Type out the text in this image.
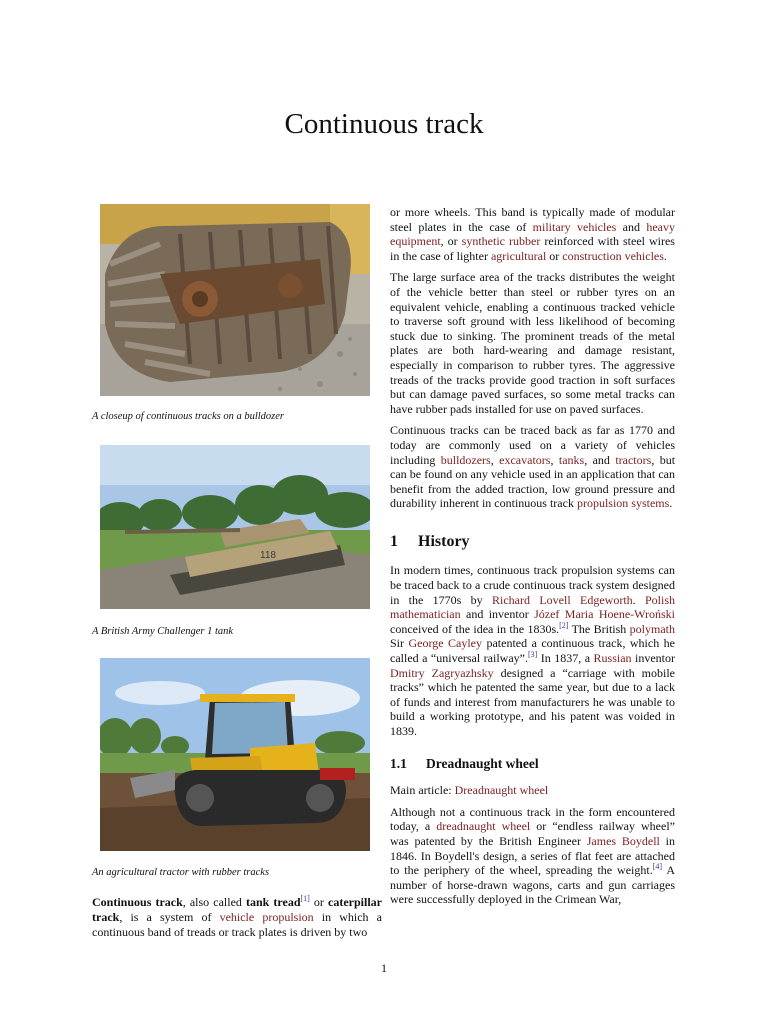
Continuous track
A closeup of continuous tracks on a bulldozer
118
A British Army Challenger 1 tank
An agricultural tractor with rubber tracks

Continuous track, also called tank tread[1] or caterpillar track, is a system of vehicle propulsion in which a continuous band of treads or track plates is driven by two

or more wheels. This band is typically made of modular steel plates in the case of military vehicles and heavy equipment, or synthetic rubber reinforced with steel wires in the case of lighter agricultural or construction vehicles.

The large surface area of the tracks distributes the weight of the vehicle better than steel or rubber tyres on an equivalent vehicle, enabling a continuous tracked vehicle to traverse soft ground with less likelihood of becoming stuck due to sinking. The prominent treads of the metal plates are both hard-wearing and damage resistant, especially in comparison to rubber tyres. The aggressive treads of the tracks provide good traction in soft surfaces but can damage paved surfaces, so some metal tracks can have rubber pads installed for use on paved surfaces.

Continuous tracks can be traced back as far as 1770 and today are commonly used on a variety of vehicles including bulldozers, excavators, tanks, and tractors, but can be found on any vehicle used in an application that can benefit from the added traction, low ground pressure and durability inherent in continuous track propulsion systems.

1 History

In modern times, continuous track propulsion systems can be traced back to a crude continuous track system designed in the 1770s by Richard Lovell Edgeworth. Polish mathematician and inventor Józef Maria Hoene-Wroński conceived of the idea in the 1830s.[2] The British polymath Sir George Cayley patented a continuous track, which he called a “universal railway”.[3] In 1837, a Russian inventor Dmitry Zagryazhsky designed a “carriage with mobile tracks” which he patented the same year, but due to a lack of funds and interest from manufacturers he was unable to build a working prototype, and his patent was voided in 1839.

1.1 Dreadnaught wheel

Main article: Dreadnaught wheel

Although not a continuous track in the form encountered today, a dreadnaught wheel or “endless railway wheel” was patented by the British Engineer James Boydell in 1846. In Boydell's design, a series of flat feet are attached to the periphery of the wheel, spreading the weight.[4] A number of horse-drawn wagons, carts and gun carriages were successfully deployed in the Crimean War,

1
